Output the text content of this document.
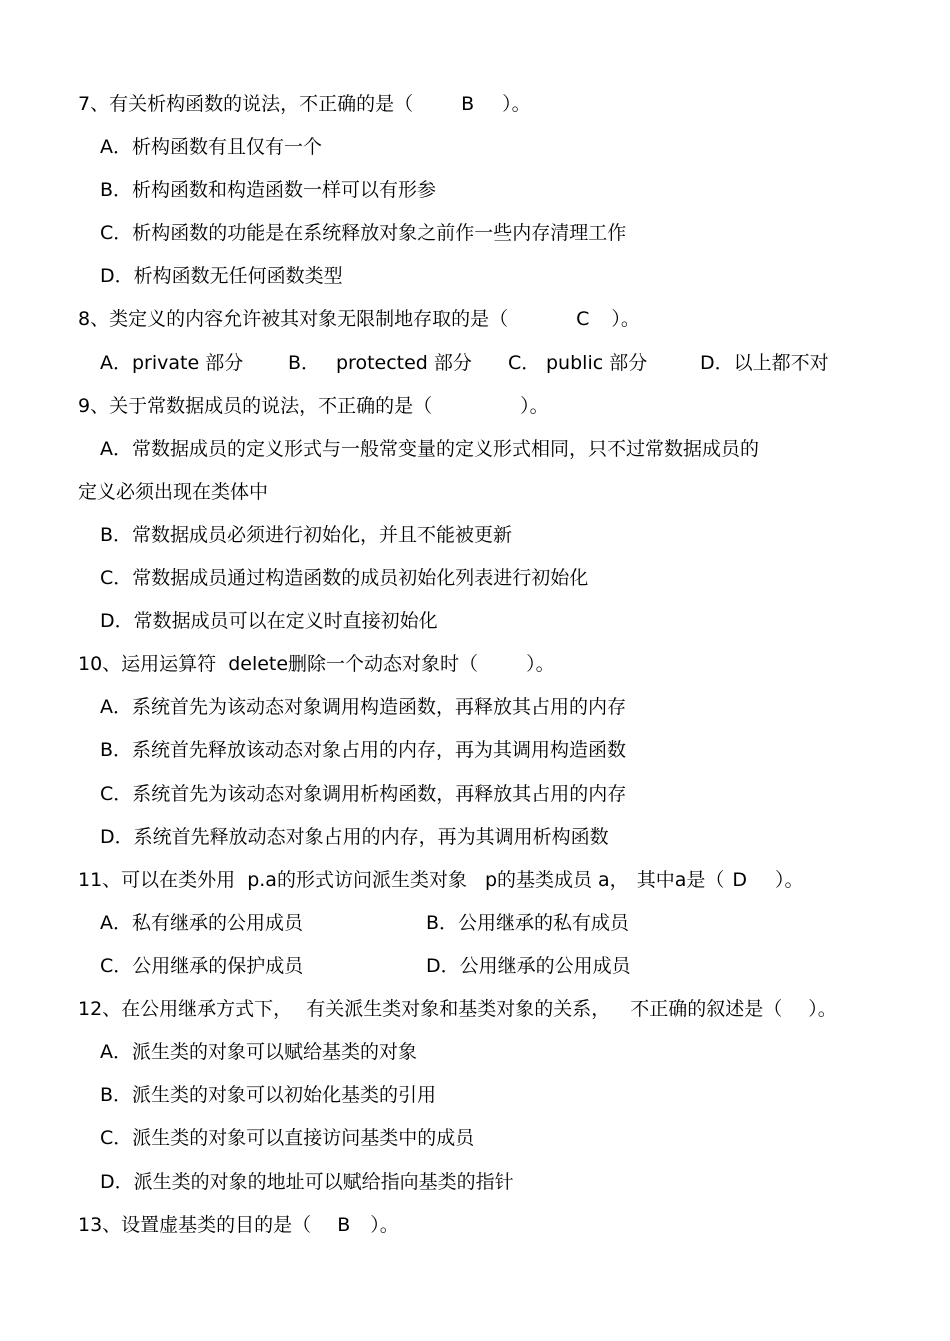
7、有关析构函数的说法，不正确的是（	B ）。
A．析构函数有且仅有一个
B．析构函数和构造函数一样可以有形参
C．析构函数的功能是在系统释放对象之前作一些内存清理工作
D．析构函数无任何函数类型
8、类定义的内容允许被其对象无限制地存取的是（	C ）。
A．private 部分 B． protected 部分 C． public 部分	D．以上都不对
9、关于常数据成员的说法，不正确的是（	）。
A．常数据成员的定义形式与一般常变量的定义形式相同，只不过常数据成员的
定义必须出现在类体中
B．常数据成员必须进行初始化，并且不能被更新
C．常数据成员通过构造函数的成员初始化列表进行初始化
D．常数据成员可以在定义时直接初始化
10、运用运算符 delete删除一个动态对象时（	）。
A．系统首先为该动态对象调用构造函数，再释放其占用的内存
B．系统首先释放该动态对象占用的内存，再为其调用构造函数
C．系统首先为该动态对象调用析构函数，再释放其占用的内存
D．系统首先释放动态对象占用的内存，再为其调用析构函数
11、可以在类外用 p.a的形式访问派生类对象 p的基类成员 a， 其中a是（ D ）。
A．私有继承的公用成员	B．公用继承的私有成员
C．公用继承的保护成员	D．公用继承的公用成员
12、在公用继承方式下， 有关派生类对象和基类对象的关系， 不正确的叙述是（ ）。
A．派生类的对象可以赋给基类的对象
B．派生类的对象可以初始化基类的引用
C．派生类的对象可以直接访问基类中的成员
D．派生类的对象的地址可以赋给指向基类的指针
13、设置虚基类的目的是（ B ）。
